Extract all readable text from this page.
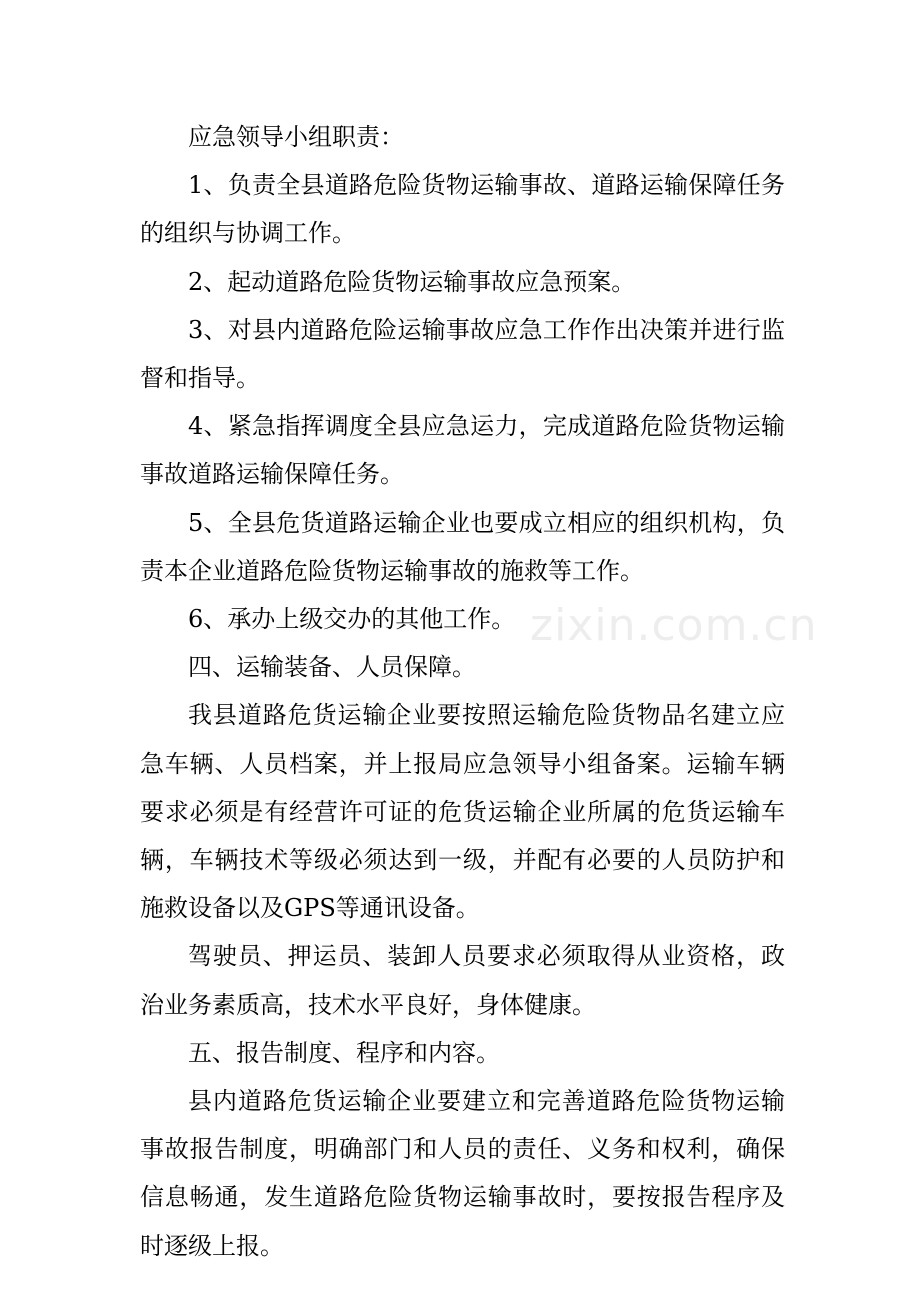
应急领导小组职责：

1、负责全县道路危险货物运输事故、道路运输保障任务的组织与协调工作。

2、起动道路危险货物运输事故应急预案。

3、对县内道路危险运输事故应急工作作出决策并进行监督和指导。

4、紧急指挥调度全县应急运力，完成道路危险货物运输事故道路运输保障任务。

5、全县危货道路运输企业也要成立相应的组织机构，负责本企业道路危险货物运输事故的施救等工作。

6、承办上级交办的其他工作。

四、运输装备、人员保障。

我县道路危货运输企业要按照运输危险货物品名建立应急车辆、人员档案，并上报局应急领导小组备案。运输车辆要求必须是有经营许可证的危货运输企业所属的危货运输车辆，车辆技术等级必须达到一级，并配有必要的人员防护和施救设备以及GPS等通讯设备。

驾驶员、押运员、装卸人员要求必须取得从业资格，政治业务素质高，技术水平良好，身体健康。

五、报告制度、程序和内容。

县内道路危货运输企业要建立和完善道路危险货物运输事故报告制度，明确部门和人员的责任、义务和权利，确保信息畅通，发生道路危险货物运输事故时，要按报告程序及时逐级上报。

zixin.com.cn
